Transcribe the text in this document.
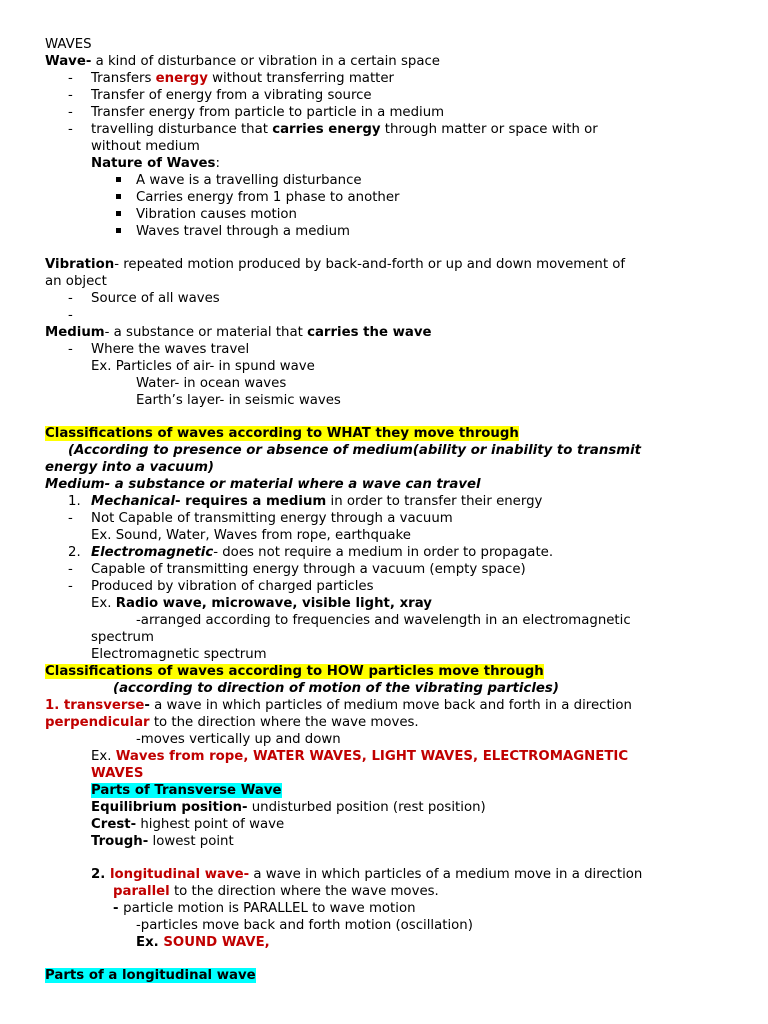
WAVES
Wave- a kind of disturbance or vibration in a certain space
- Transfers energy without transferring matter
- Transfer of energy from a vibrating source
- Transfer energy from particle to particle in a medium
- travelling disturbance that carries energy through matter or space with or
without medium
Nature of Waves:
A wave is a travelling disturbance
Carries energy from 1 phase to another
Vibration causes motion
Waves travel through a medium
Vibration- repeated motion produced by back-and-forth or up and down movement of
an object
- Source of all waves
-
Medium- a substance or material that carries the wave
- Where the waves travel
Ex. Particles of air- in spund wave
Water- in ocean waves
Earth’s layer- in seismic waves
Classifications of waves according to WHAT they move through
(According to presence or absence of medium(ability or inability to transmit
energy into a vacuum)
Medium- a substance or material where a wave can travel
1. Mechanical- requires a medium in order to transfer their energy
- Not Capable of transmitting energy through a vacuum
Ex. Sound, Water, Waves from rope, earthquake
2. Electromagnetic- does not require a medium in order to propagate.
- Capable of transmitting energy through a vacuum (empty space)
- Produced by vibration of charged particles
Ex. Radio wave, microwave, visible light, xray
-arranged according to frequencies and wavelength in an electromagnetic
spectrum
Electromagnetic spectrum
Classifications of waves according to HOW particles move through
(according to direction of motion of the vibrating particles)
1. transverse- a wave in which particles of medium move back and forth in a direction
perpendicular to the direction where the wave moves.
-moves vertically up and down
Ex. Waves from rope, WATER WAVES, LIGHT WAVES, ELECTROMAGNETIC
WAVES
Parts of Transverse Wave
Equilibrium position- undisturbed position (rest position)
Crest- highest point of wave
Trough- lowest point
2. longitudinal wave- a wave in which particles of a medium move in a direction
parallel to the direction where the wave moves.
- particle motion is PARALLEL to wave motion
-particles move back and forth motion (oscillation)
Ex. SOUND WAVE,
Parts of a longitudinal wave
